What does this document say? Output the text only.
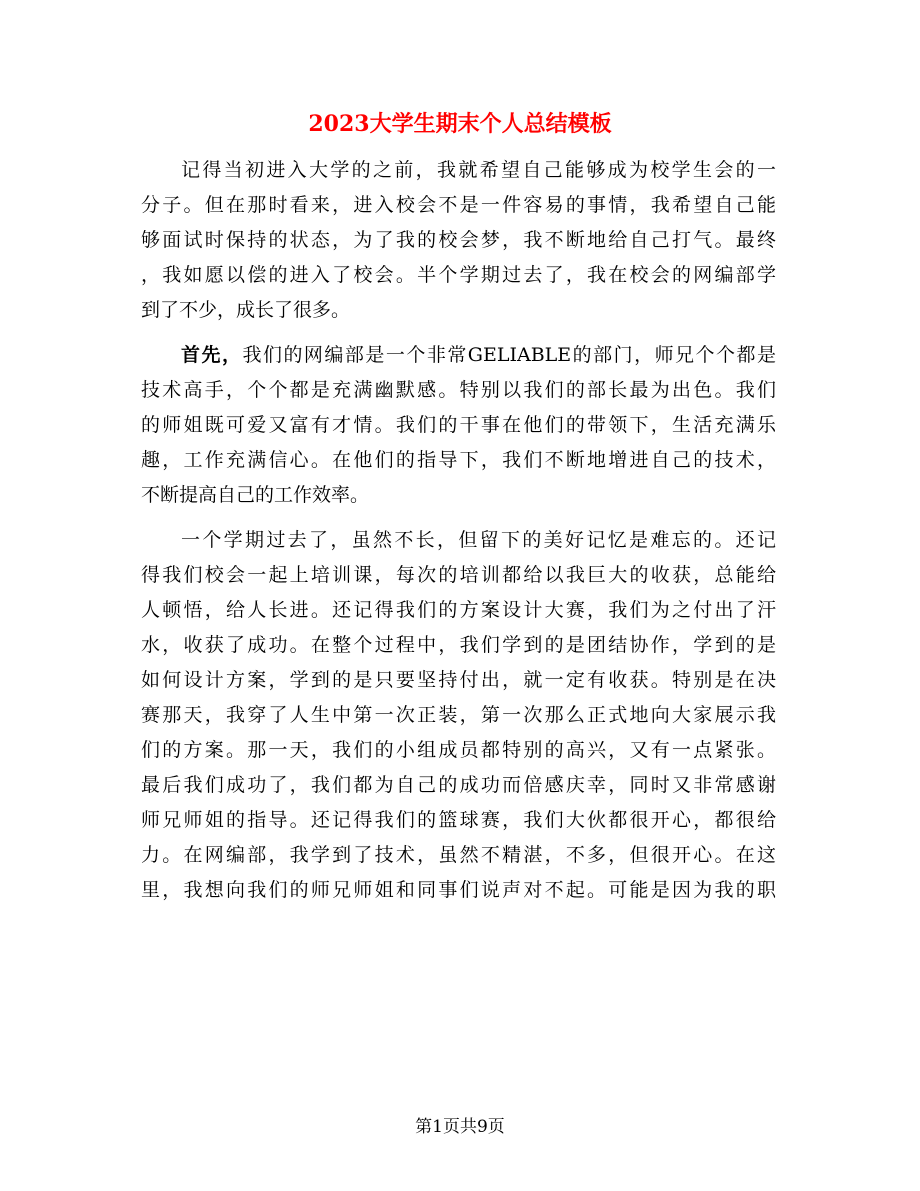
2023大学生期末个人总结模板
记得当初进入大学的之前，我就希望自己能够成为校学生会的一
分子。但在那时看来，进入校会不是一件容易的事情，我希望自己能
够面试时保持的状态，为了我的校会梦，我不断地给自己打气。最终
，我如愿以偿的进入了校会。半个学期过去了，我在校会的网编部学
到了不少，成长了很多。
首先，我们的网编部是一个非常GELIABLE的部门，师兄个个都是
技术高手，个个都是充满幽默感。特别以我们的部长最为出色。我们
的师姐既可爱又富有才情。我们的干事在他们的带领下，生活充满乐
趣，工作充满信心。在他们的指导下，我们不断地增进自己的技术，
不断提高自己的工作效率。
一个学期过去了，虽然不长，但留下的美好记忆是难忘的。还记
得我们校会一起上培训课，每次的培训都给以我巨大的收获，总能给
人顿悟，给人长进。还记得我们的方案设计大赛，我们为之付出了汗
水，收获了成功。在整个过程中，我们学到的是团结协作，学到的是
如何设计方案，学到的是只要坚持付出，就一定有收获。特别是在决
赛那天，我穿了人生中第一次正装，第一次那么正式地向大家展示我
们的方案。那一天，我们的小组成员都特别的高兴，又有一点紧张。
最后我们成功了，我们都为自己的成功而倍感庆幸，同时又非常感谢
师兄师姐的指导。还记得我们的篮球赛，我们大伙都很开心，都很给
力。在网编部，我学到了技术，虽然不精湛，不多，但很开心。在这
里，我想向我们的师兄师姐和同事们说声对不起。可能是因为我的职
第1页共9页
